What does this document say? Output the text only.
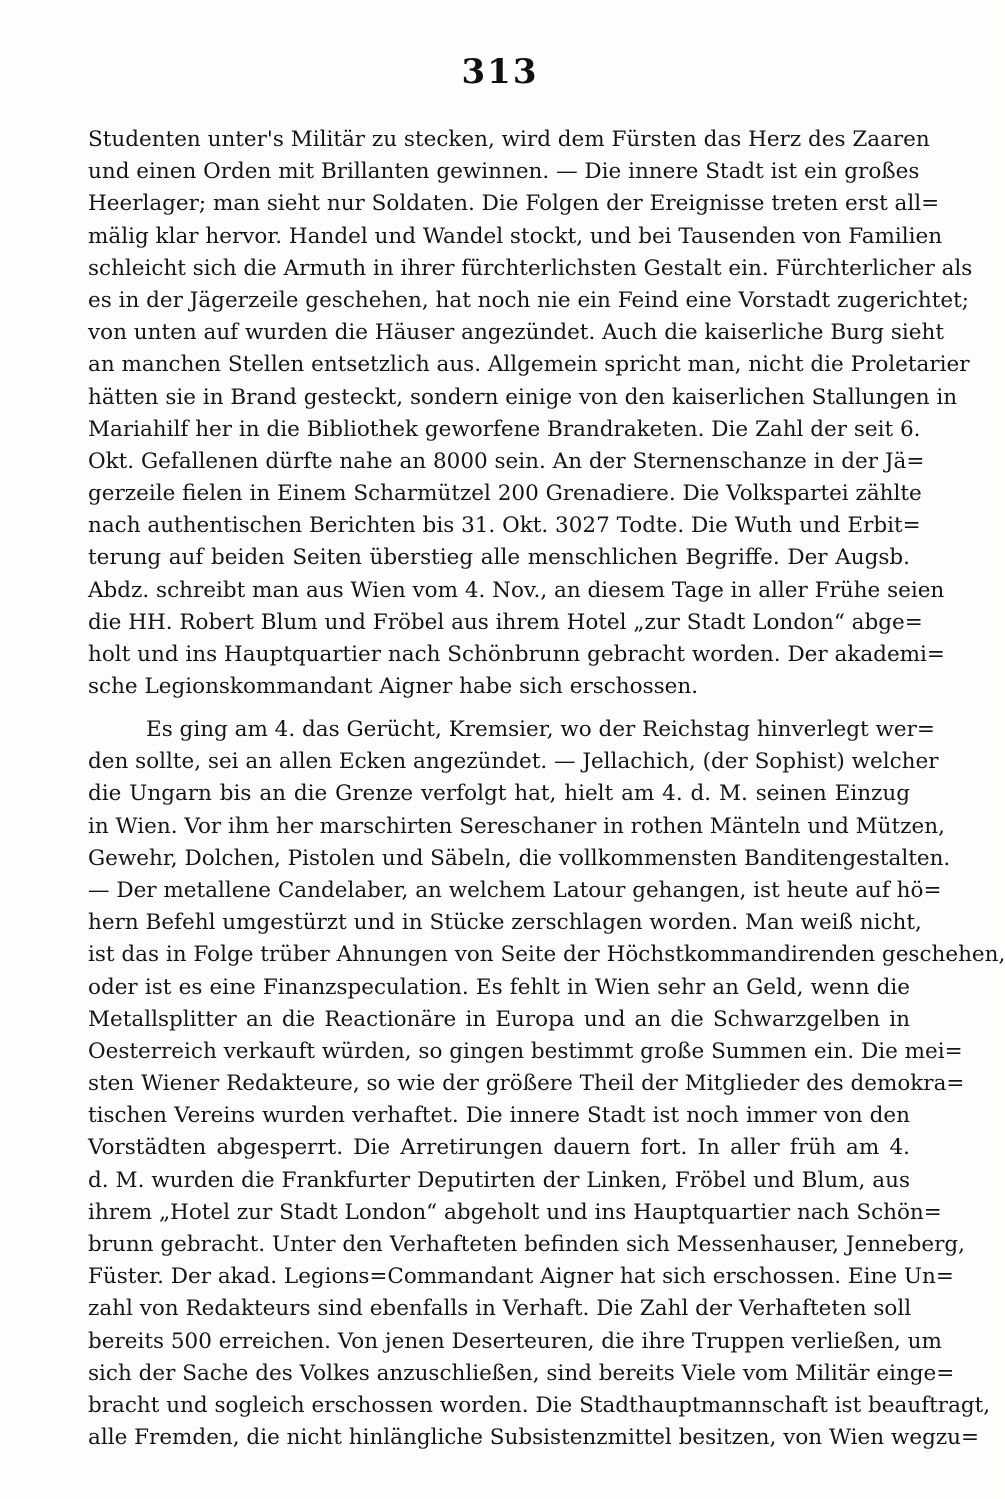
313
Studenten unter's Militär zu stecken, wird dem Fürsten das Herz des Zaaren
und einen Orden mit Brillanten gewinnen. — Die innere Stadt ist ein großes
Heerlager; man sieht nur Soldaten. Die Folgen der Ereignisse treten erst all=
mälig klar hervor. Handel und Wandel stockt, und bei Tausenden von Familien
schleicht sich die Armuth in ihrer fürchterlichsten Gestalt ein. Fürchterlicher als
es in der Jägerzeile geschehen, hat noch nie ein Feind eine Vorstadt zugerichtet;
von unten auf wurden die Häuser angezündet. Auch die kaiserliche Burg sieht
an manchen Stellen entsetzlich aus. Allgemein spricht man, nicht die Proletarier
hätten sie in Brand gesteckt, sondern einige von den kaiserlichen Stallungen in
Mariahilf her in die Bibliothek geworfene Brandraketen. Die Zahl der seit 6.
Okt. Gefallenen dürfte nahe an 8000 sein. An der Sternenschanze in der Jä=
gerzeile fielen in Einem Scharmützel 200 Grenadiere. Die Volkspartei zählte
nach authentischen Berichten bis 31. Okt. 3027 Todte. Die Wuth und Erbit=
terung auf beiden Seiten überstieg alle menschlichen Begriffe. Der Augsb.
Abdz. schreibt man aus Wien vom 4. Nov., an diesem Tage in aller Frühe seien
die HH. Robert Blum und Fröbel aus ihrem Hotel „zur Stadt London“ abge=
holt und ins Hauptquartier nach Schönbrunn gebracht worden. Der akademi=
sche Legionskommandant Aigner habe sich erschossen.
Es ging am 4. das Gerücht, Kremsier, wo der Reichstag hinverlegt wer=
den sollte, sei an allen Ecken angezündet. — Jellachich, (der Sophist) welcher
die Ungarn bis an die Grenze verfolgt hat, hielt am 4. d. M. seinen Einzug
in Wien. Vor ihm her marschirten Sereschaner in rothen Mänteln und Mützen,
Gewehr, Dolchen, Pistolen und Säbeln, die vollkommensten Banditengestalten.
— Der metallene Candelaber, an welchem Latour gehangen, ist heute auf hö=
hern Befehl umgestürzt und in Stücke zerschlagen worden. Man weiß nicht,
ist das in Folge trüber Ahnungen von Seite der Höchstkommandirenden geschehen,
oder ist es eine Finanzspeculation. Es fehlt in Wien sehr an Geld, wenn die
Metallsplitter an die Reactionäre in Europa und an die Schwarzgelben in
Oesterreich verkauft würden, so gingen bestimmt große Summen ein. Die mei=
sten Wiener Redakteure, so wie der größere Theil der Mitglieder des demokra=
tischen Vereins wurden verhaftet. Die innere Stadt ist noch immer von den
Vorstädten abgesperrt. Die Arretirungen dauern fort. In aller früh am 4.
d. M. wurden die Frankfurter Deputirten der Linken, Fröbel und Blum, aus
ihrem „Hotel zur Stadt London“ abgeholt und ins Hauptquartier nach Schön=
brunn gebracht. Unter den Verhafteten befinden sich Messenhauser, Jenneberg,
Füster. Der akad. Legions=Commandant Aigner hat sich erschossen. Eine Un=
zahl von Redakteurs sind ebenfalls in Verhaft. Die Zahl der Verhafteten soll
bereits 500 erreichen. Von jenen Deserteuren, die ihre Truppen verließen, um
sich der Sache des Volkes anzuschließen, sind bereits Viele vom Militär einge=
bracht und sogleich erschossen worden. Die Stadthauptmannschaft ist beauftragt,
alle Fremden, die nicht hinlängliche Subsistenzmittel besitzen, von Wien wegzu=
